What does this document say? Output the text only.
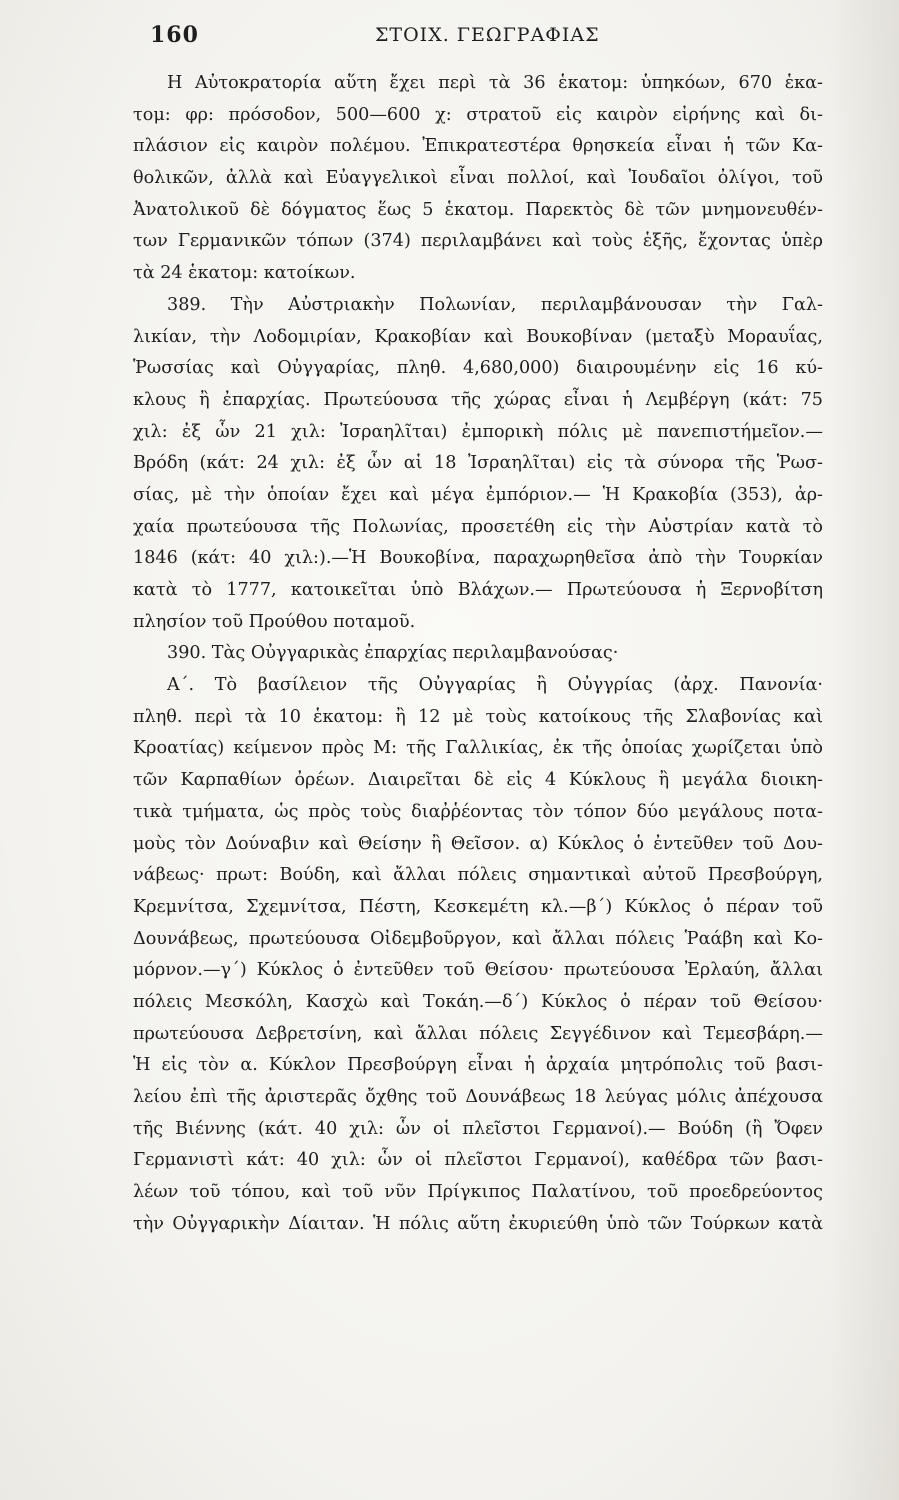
160	ΣΤΟΙΧ. ΓΕΩΓΡΑΦΙΑΣ
Η Αὐτοκρατορία αὕτη ἔχει περὶ τὰ 36 ἑκατομ: ὑπηκόων, 670 ἑκα-
τομ: φρ: πρόσοδον, 500—600 χ: στρατοῦ εἰς καιρὸν εἰρήνης καὶ δι-
πλάσιον εἰς καιρὸν πολέμου. Ἐπικρατεστέρα θρησκεία εἶναι ἡ τῶν Κα-
θολικῶν, ἀλλὰ καὶ Εὐαγγελικοὶ εἶναι πολλοί, καὶ Ἰουδαῖοι ὀλίγοι, τοῦ
Ἀνατολικοῦ δὲ δόγματος ἕως 5 ἑκατομ. Παρεκτὸς δὲ τῶν μνημονευθέν-
των Γερμανικῶν τόπων (374) περιλαμβάνει καὶ τοὺς ἑξῆς, ἔχοντας ὑπὲρ
τὰ 24 ἑκατομ: κατοίκων.
389. Τὴν Αὐστριακὴν Πολωνίαν, περιλαμβάνουσαν τὴν Γαλ-
λικίαν, τὴν Λοδομιρίαν, Κρακοβίαν καὶ Βουκοβίναν (μεταξὺ Μοραυΐας,
Ῥωσσίας καὶ Οὐγγαρίας, πληθ. 4,680,000) διαιρουμένην εἰς 16 κύ-
κλους ἢ ἐπαρχίας. Πρωτεύουσα τῆς χώρας εἶναι ἡ Λεμβέργη (κάτ: 75
χιλ: ἐξ ὧν 21 χιλ: Ἰσραηλῖται) ἐμπορικὴ πόλις μὲ πανεπιστήμεῖον.—
Βρόδη (κάτ: 24 χιλ: ἐξ ὧν αἱ 18 Ἰσραηλῖται) εἰς τὰ σύνορα τῆς Ῥωσ-
σίας, μὲ τὴν ὁποίαν ἔχει καὶ μέγα ἐμπόριον.— Ἡ Κρακοβία (353), ἀρ-
χαία πρωτεύουσα τῆς Πολωνίας, προσετέθη εἰς τὴν Αὐστρίαν κατὰ τὸ
1846 (κάτ: 40 χιλ:).—Ἡ Βουκοβίνα, παραχωρηθεῖσα ἀπὸ τὴν Τουρκίαν
κατὰ τὸ 1777, κατοικεῖται ὑπὸ Βλάχων.— Πρωτεύουσα ἡ Ξερνοβίτση
πλησίον τοῦ Προύθου ποταμοῦ.
390. Τὰς Οὐγγαρικὰς ἐπαρχίας περιλαμβανούσας·
Α΄. Τὸ βασίλειον τῆς Οὐγγαρίας ἢ Οὐγγρίας (ἀρχ. Πανονία·
πληθ. περὶ τὰ 10 ἑκατομ: ἢ 12 μὲ τοὺς κατοίκους τῆς Σλαβονίας καὶ
Κροατίας) κείμενον πρὸς Μ: τῆς Γαλλικίας, ἐκ τῆς ὁποίας χωρίζεται ὑπὸ
τῶν Καρπαθίων ὀρέων. Διαιρεῖται δὲ εἰς 4 Κύκλους ἢ μεγάλα διοικη-
τικὰ τμήματα, ὡς πρὸς τοὺς διαῤῥέοντας τὸν τόπον δύο μεγάλους ποτα-
μοὺς τὸν Δούναβιν καὶ Θείσην ἢ Θεῖσον. α) Κύκλος ὁ ἐντεῦθεν τοῦ Δου-
νάβεως· πρωτ: Βούδη, καὶ ἄλλαι πόλεις σημαντικαὶ αὐτοῦ Πρεσβούργη,
Κρεμνίτσα, Σχεμνίτσα, Πέστη, Κεσκεμέτη κλ.—β΄) Κύκλος ὁ πέραν τοῦ
Δουνάβεως, πρωτεύουσα Οἰδεμβοῦργον, καὶ ἄλλαι πόλεις Ῥαάβη καὶ Κο-
μόρνον.—γ΄) Κύκλος ὁ ἐντεῦθεν τοῦ Θείσου· πρωτεύουσα Ἐρλαύη, ἄλλαι
πόλεις Μεσκόλη, Κασχὼ καὶ Τοκάη.—δ΄) Κύκλος ὁ πέραν τοῦ Θείσου·
πρωτεύουσα Δεβρετσίνη, καὶ ἄλλαι πόλεις Σεγγέδινον καὶ Τεμεσβάρη.—
Ἡ εἰς τὸν α. Κύκλον Πρεσβούργη εἶναι ἡ ἀρχαία μητρόπολις τοῦ βασι-
λείου ἐπὶ τῆς ἀριστερᾶς ὄχθης τοῦ Δουνάβεως 18 λεύγας μόλις ἀπέχουσα
τῆς Βιέννης (κάτ. 40 χιλ: ὧν οἱ πλεῖστοι Γερμανοί).— Βούδη (ἢ Ὄφεν
Γερμανιστὶ κάτ: 40 χιλ: ὧν οἱ πλεῖστοι Γερμανοί), καθέδρα τῶν βασι-
λέων τοῦ τόπου, καὶ τοῦ νῦν Πρίγκιπος Παλατίνου, τοῦ προεδρεύοντος
τὴν Οὐγγαρικὴν Δίαιταν. Ἡ πόλις αὕτη ἐκυριεύθη ὑπὸ τῶν Τούρκων κατὰ
